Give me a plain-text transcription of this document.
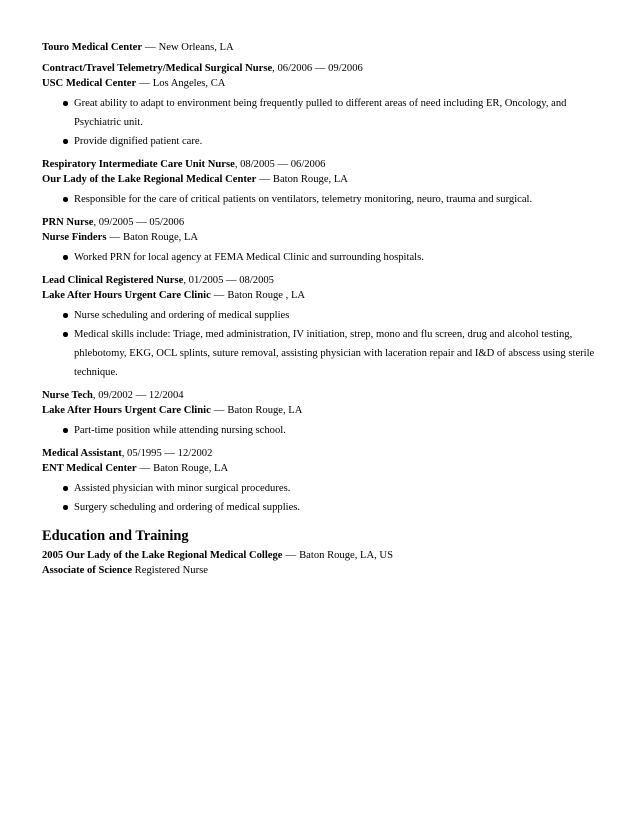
Touro Medical Center — New Orleans, LA
Contract/Travel Telemetry/Medical Surgical Nurse, 06/2006 — 09/2006
USC Medical Center — Los Angeles, CA
Great ability to adapt to environment being frequently pulled to different areas of need including ER, Oncology, and Psychiatric unit.
Provide dignified patient care.
Respiratory Intermediate Care Unit Nurse, 08/2005 — 06/2006
Our Lady of the Lake Regional Medical Center — Baton Rouge, LA
Responsible for the care of critical patients on ventilators, telemetry monitoring, neuro, trauma and surgical.
PRN Nurse, 09/2005 — 05/2006
Nurse Finders — Baton Rouge, LA
Worked PRN for local agency at FEMA Medical Clinic and surrounding hospitals.
Lead Clinical Registered Nurse, 01/2005 — 08/2005
Lake After Hours Urgent Care Clinic — Baton Rouge , LA
Nurse scheduling and ordering of medical supplies
Medical skills include: Triage, med administration, IV initiation, strep, mono and flu screen, drug and alcohol testing, phlebotomy, EKG, OCL splints, suture removal, assisting physician with laceration repair and I&D of abscess using sterile technique.
Nurse Tech, 09/2002 — 12/2004
Lake After Hours Urgent Care Clinic — Baton Rouge, LA
Part-time position while attending nursing school.
Medical Assistant, 05/1995 — 12/2002
ENT Medical Center — Baton Rouge, LA
Assisted physician with minor surgical procedures.
Surgery scheduling and ordering of medical supplies.
Education and Training
2005 Our Lady of the Lake Regional Medical College — Baton Rouge, LA, US
Associate of Science Registered Nurse
